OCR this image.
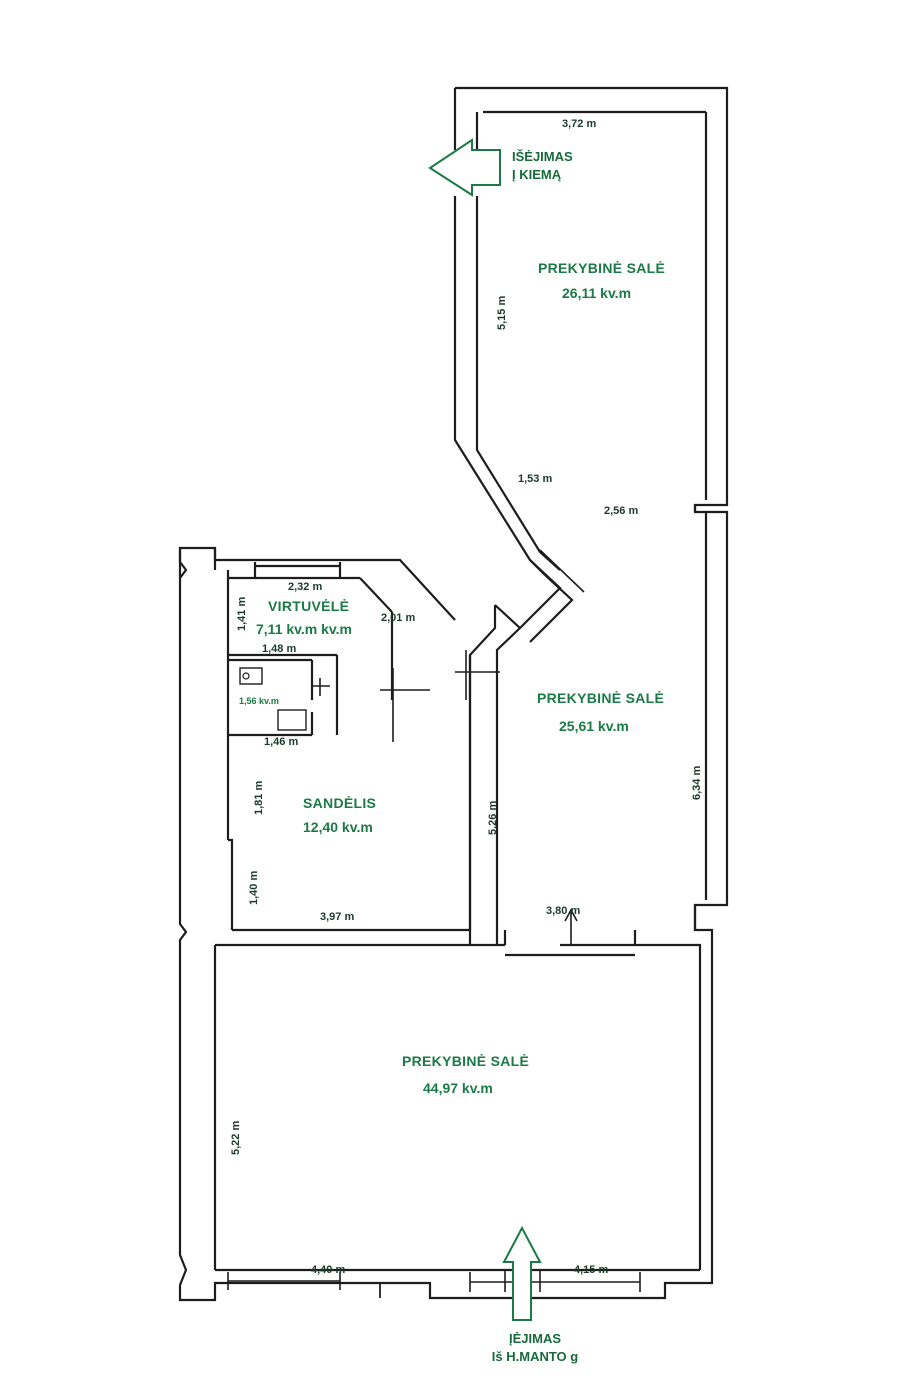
PREKYBINĖ SALĖ
26,11 kv.m
PREKYBINĖ SALĖ
25,61 kv.m
PREKYBINĖ SALĖ
44,97 kv.m
VIRTUVĖLĖ
7,11 kv.m kv.m
SANDĖLIS
12,40 kv.m
1,56 kv.m
3,72 m
5,15 m
1,53 m
2,56 m
2,32 m
1,41 m	2,01 m
1,48 m
1,46 m
1,81 m
1,40 m
3,97 m
6,34 m
5,26 m
3,80 m
5,22 m
4,40 m	4,15 m
IŠĖJIMAS
Į KIEMĄ
ĮĖJIMAS
Iš H.MANTO g
